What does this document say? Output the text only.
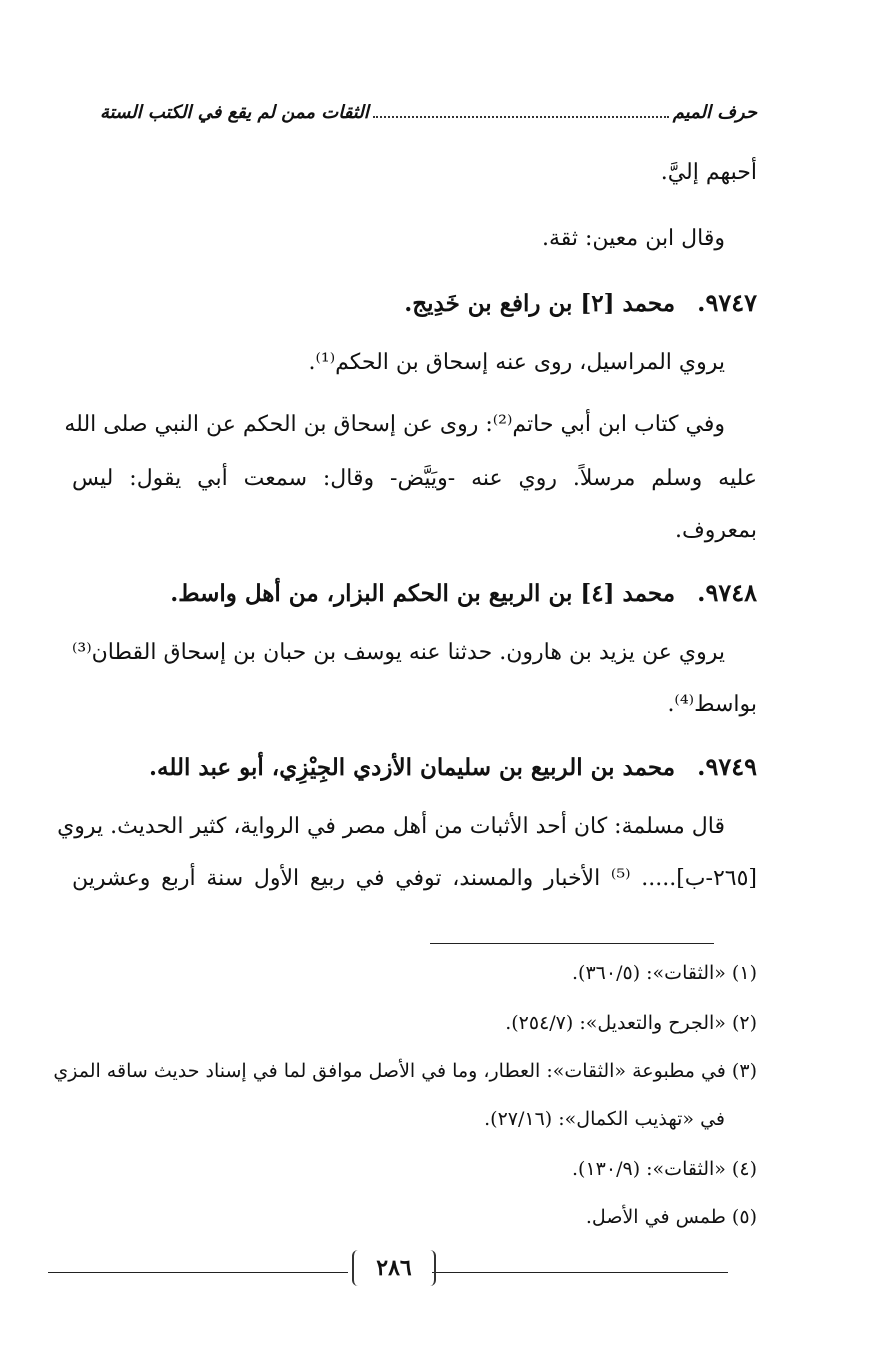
حرف الميم
الثقات ممن لم يقع في الكتب الستة
أحبهم إليَّ.
وقال ابن معين: ثقة.
٩٧٤٧. محمد [٢] بن رافع بن خَدِيج.
يروي المراسيل، روى عنه إسحاق بن الحكم⁽¹⁾.
وفي كتاب ابن أبي حاتم⁽²⁾: روى عن إسحاق بن الحكم عن النبي صلى الله
عليه وسلم مرسلاً. روي عنه -ويَيَّض- وقال: سمعت أبي يقول: ليس
بمعروف.
٩٧٤٨. محمد [٤] بن الربيع بن الحكم البزار، من أهل واسط.
يروي عن يزيد بن هارون. حدثنا عنه يوسف بن حبان بن إسحاق القطان⁽³⁾
بواسط⁽⁴⁾.
٩٧٤٩. محمد بن الربيع بن سليمان الأزدي الجِيْزِي، أبو عبد الله.
قال مسلمة: كان أحد الأثبات من أهل مصر في الرواية، كثير الحديث. يروي
[٢٦٥-ب]..... ⁽⁵⁾ الأخبار والمسند، توفي في ربيع الأول سنة أربع وعشرين
(١) «الثقات»: (٣٦٠/٥).
(٢) «الجرح والتعديل»: (٢٥٤/٧).
(٣) في مطبوعة «الثقات»: العطار، وما في الأصل موافق لما في إسناد حديث ساقه المزي
في «تهذيب الكمال»: (٢٧/١٦).
(٤) «الثقات»: (١٣٠/٩).
(٥) طمس في الأصل.
٢٨٦
